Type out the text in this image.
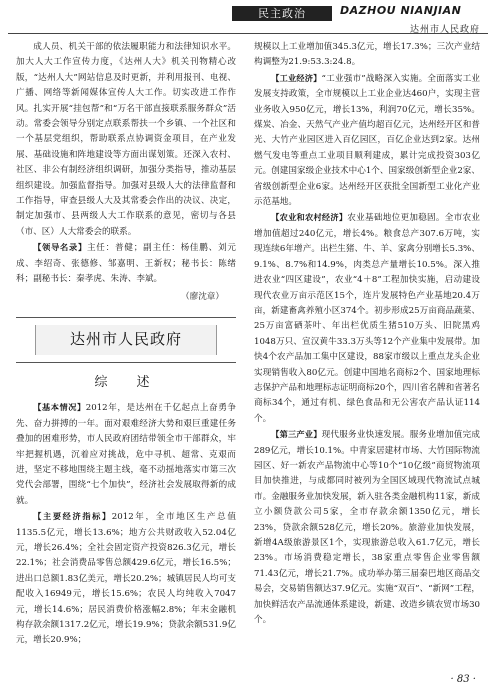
民主政治	DAZHOU NIANJIAN
达州市人民政府

成人员、机关干部的依法履职能力和法律知识水平。加大人大工作宣传力度，《达州人大》机关刊物精心改版，“达州人大”网站信息及时更新，并利用报刊、电视、广播、网络等新闻媒体宣传人大工作。切实改进工作作风。扎实开展“挂包帮”和“万名干部直接联系服务群众”活动。常委会领导分别定点联系帮扶一个乡镇、一个社区和一个基层党组织，帮助联系点协调资金项目，在产业发展、基础设施和阵地建设等方面出谋划策。还深入农村、社区、非公有制经济组织调研，加强分类指导，推动基层组织建设。加强监督指导。加强对县级人大的法律监督和工作指导，审查县级人大及其常委会作出的决议、决定，制定加强市、县两级人大工作联系的意见，密切与各县（市、区）人大常委会的联系。

【领导名录】主任：普健；副主任：杨佳鹏、刘元成、李绍奇、张德修、邹嘉明、王新权；秘书长：陈绪科；副秘书长：秦孝虎、朱涛、李斌。

（廖沈章）
达州市人民政府
综　述

【基本情况】2012年，是达州在千亿起点上奋勇争先、奋力拼搏的一年。面对艰难经济大势和艰巨重建任务叠加的困难形势，市人民政府团结带领全市干部群众，牢牢把握机遇，沉着应对挑战，危中寻机、超常、克艰而进，坚定不移地围绕主题主线，毫不动摇地落实市第三次党代会部署，围绕“七个加快”，经济社会发展取得新的成就。

【主要经济指标】2012年，全市地区生产总值1135.5亿元，增长13.6%；地方公共财政收入52.04亿元，增长26.4%；全社会固定资产投资826.3亿元，增长22.1%；社会消费品零售总额429.6亿元，增长16.5%；进出口总额1.83亿美元，增长20.2%；城镇居民人均可支配收入16949元，增长15.6%；农民人均纯收入7047元，增长14.6%；居民消费价格涨幅2.8%；年末金融机构存款余额1317.2亿元，增长19.9%；贷款余额531.9亿元，增长20.9%；

规模以上工业增加值345.3亿元，增长17.3%；三次产业结构调整为21.9:53.3:24.8。

【工业经济】“工业强市”战略深入实施。全面落实工业发展支持政策，全市规模以上工业企业达460户，实现主营业务收入950亿元，增长13%，利润70亿元，增长35%。煤炭、冶金、天然气产业产值均超百亿元，达州经开区和普光、大竹产业园区进入百亿园区，百亿企业达到2家。达州燃气发电等重点工业项目顺利建成，累计完成投资303亿元。创建国家级企业技术中心1个、国家级创新型企业2家、省级创新型企业6家。达州经开区获批全国新型工业化产业示范基地。

【农业和农村经济】农业基础地位更加稳固。全市农业增加值超过240亿元，增长4%。粮食总产307.6万吨，实现连续6年增产。出栏生猪、牛、羊、家禽分别增长5.3%、9.1%、8.7%和14.9%，肉类总产量增长10.5%。深入推进农业“四区建设”，农业“4＋8”工程加快实施，启动建设现代农业万亩示范区15个，连片发展特色产业基地20.4万亩，新建畜禽养殖小区374个。初步形成25万亩商品蔬菜、25万亩富硒茶叶、年出栏优质生猪510万头、旧院黑鸡1048万只、宣汉黄牛33.3万头等12个产业集中发展带。加快4个农产品加工集中区建设，88家市级以上重点龙头企业实现销售收入80亿元。创建中国地名商标2个、国家地理标志保护产品和地理标志证明商标20个，四川省名牌和省著名商标34个，通过有机、绿色食品和无公害农产品认证114个。

【第三产业】现代服务业快速发展。服务业增加值完成289亿元，增长10.1%。中青家居建材市场、大竹国际物流园区、好一新农产品物流中心等10个“10亿级”商贸物流项目加快推进，与成都同时被列为全国区域现代物流试点城市。金融服务业加快发展，新入驻各类金融机构11家，新成立小额贷款公司5家，全市存款余额1350亿元，增长23%，贷款余额528亿元，增长20%。旅游业加快发展，新增4A级旅游景区1个，实现旅游总收入61.7亿元，增长23%。市场消费稳定增长，38家重点零售企业零售额71.43亿元，增长21.7%。成功举办第三届秦巴地区商品交易会，交易销售额达37.9亿元。实施“双百”、“新网”工程，加快鲜活农产品流通体系建设，新建、改造乡镇农贸市场30个。

· 83 ·
